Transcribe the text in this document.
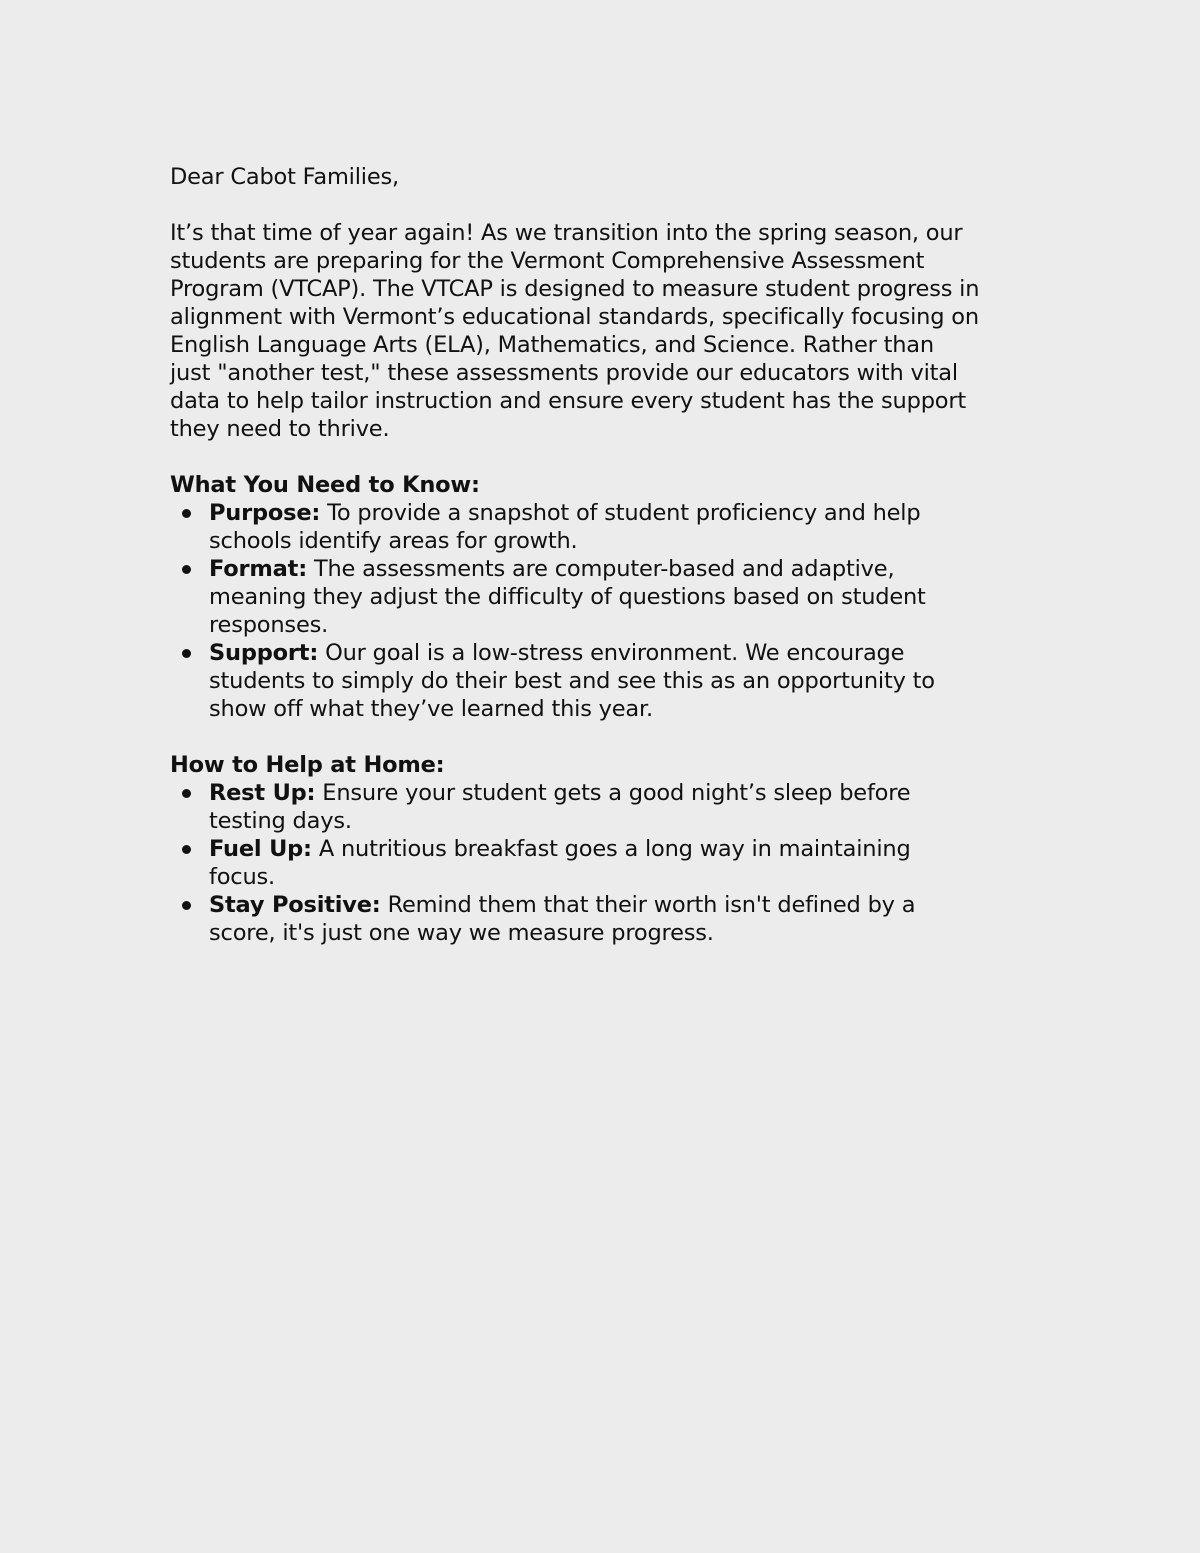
Dear Cabot Families,

It’s that time of year again! As we transition into the spring season, our students are preparing for the Vermont Comprehensive Assessment Program (VTCAP). The VTCAP is designed to measure student progress in alignment with Vermont’s educational standards, specifically focusing on English Language Arts (ELA), Mathematics, and Science. Rather than just "another test," these assessments provide our educators with vital data to help tailor instruction and ensure every student has the support they need to thrive.

What You Need to Know:
Purpose: To provide a snapshot of student proficiency and help schools identify areas for growth.
Format: The assessments are computer-based and adaptive, meaning they adjust the difficulty of questions based on student responses.
Support: Our goal is a low-stress environment. We encourage students to simply do their best and see this as an opportunity to show off what they’ve learned this year.
How to Help at Home:
Rest Up: Ensure your student gets a good night’s sleep before testing days.
Fuel Up: A nutritious breakfast goes a long way in maintaining focus.
Stay Positive: Remind them that their worth isn't defined by a score, it's just one way we measure progress.
